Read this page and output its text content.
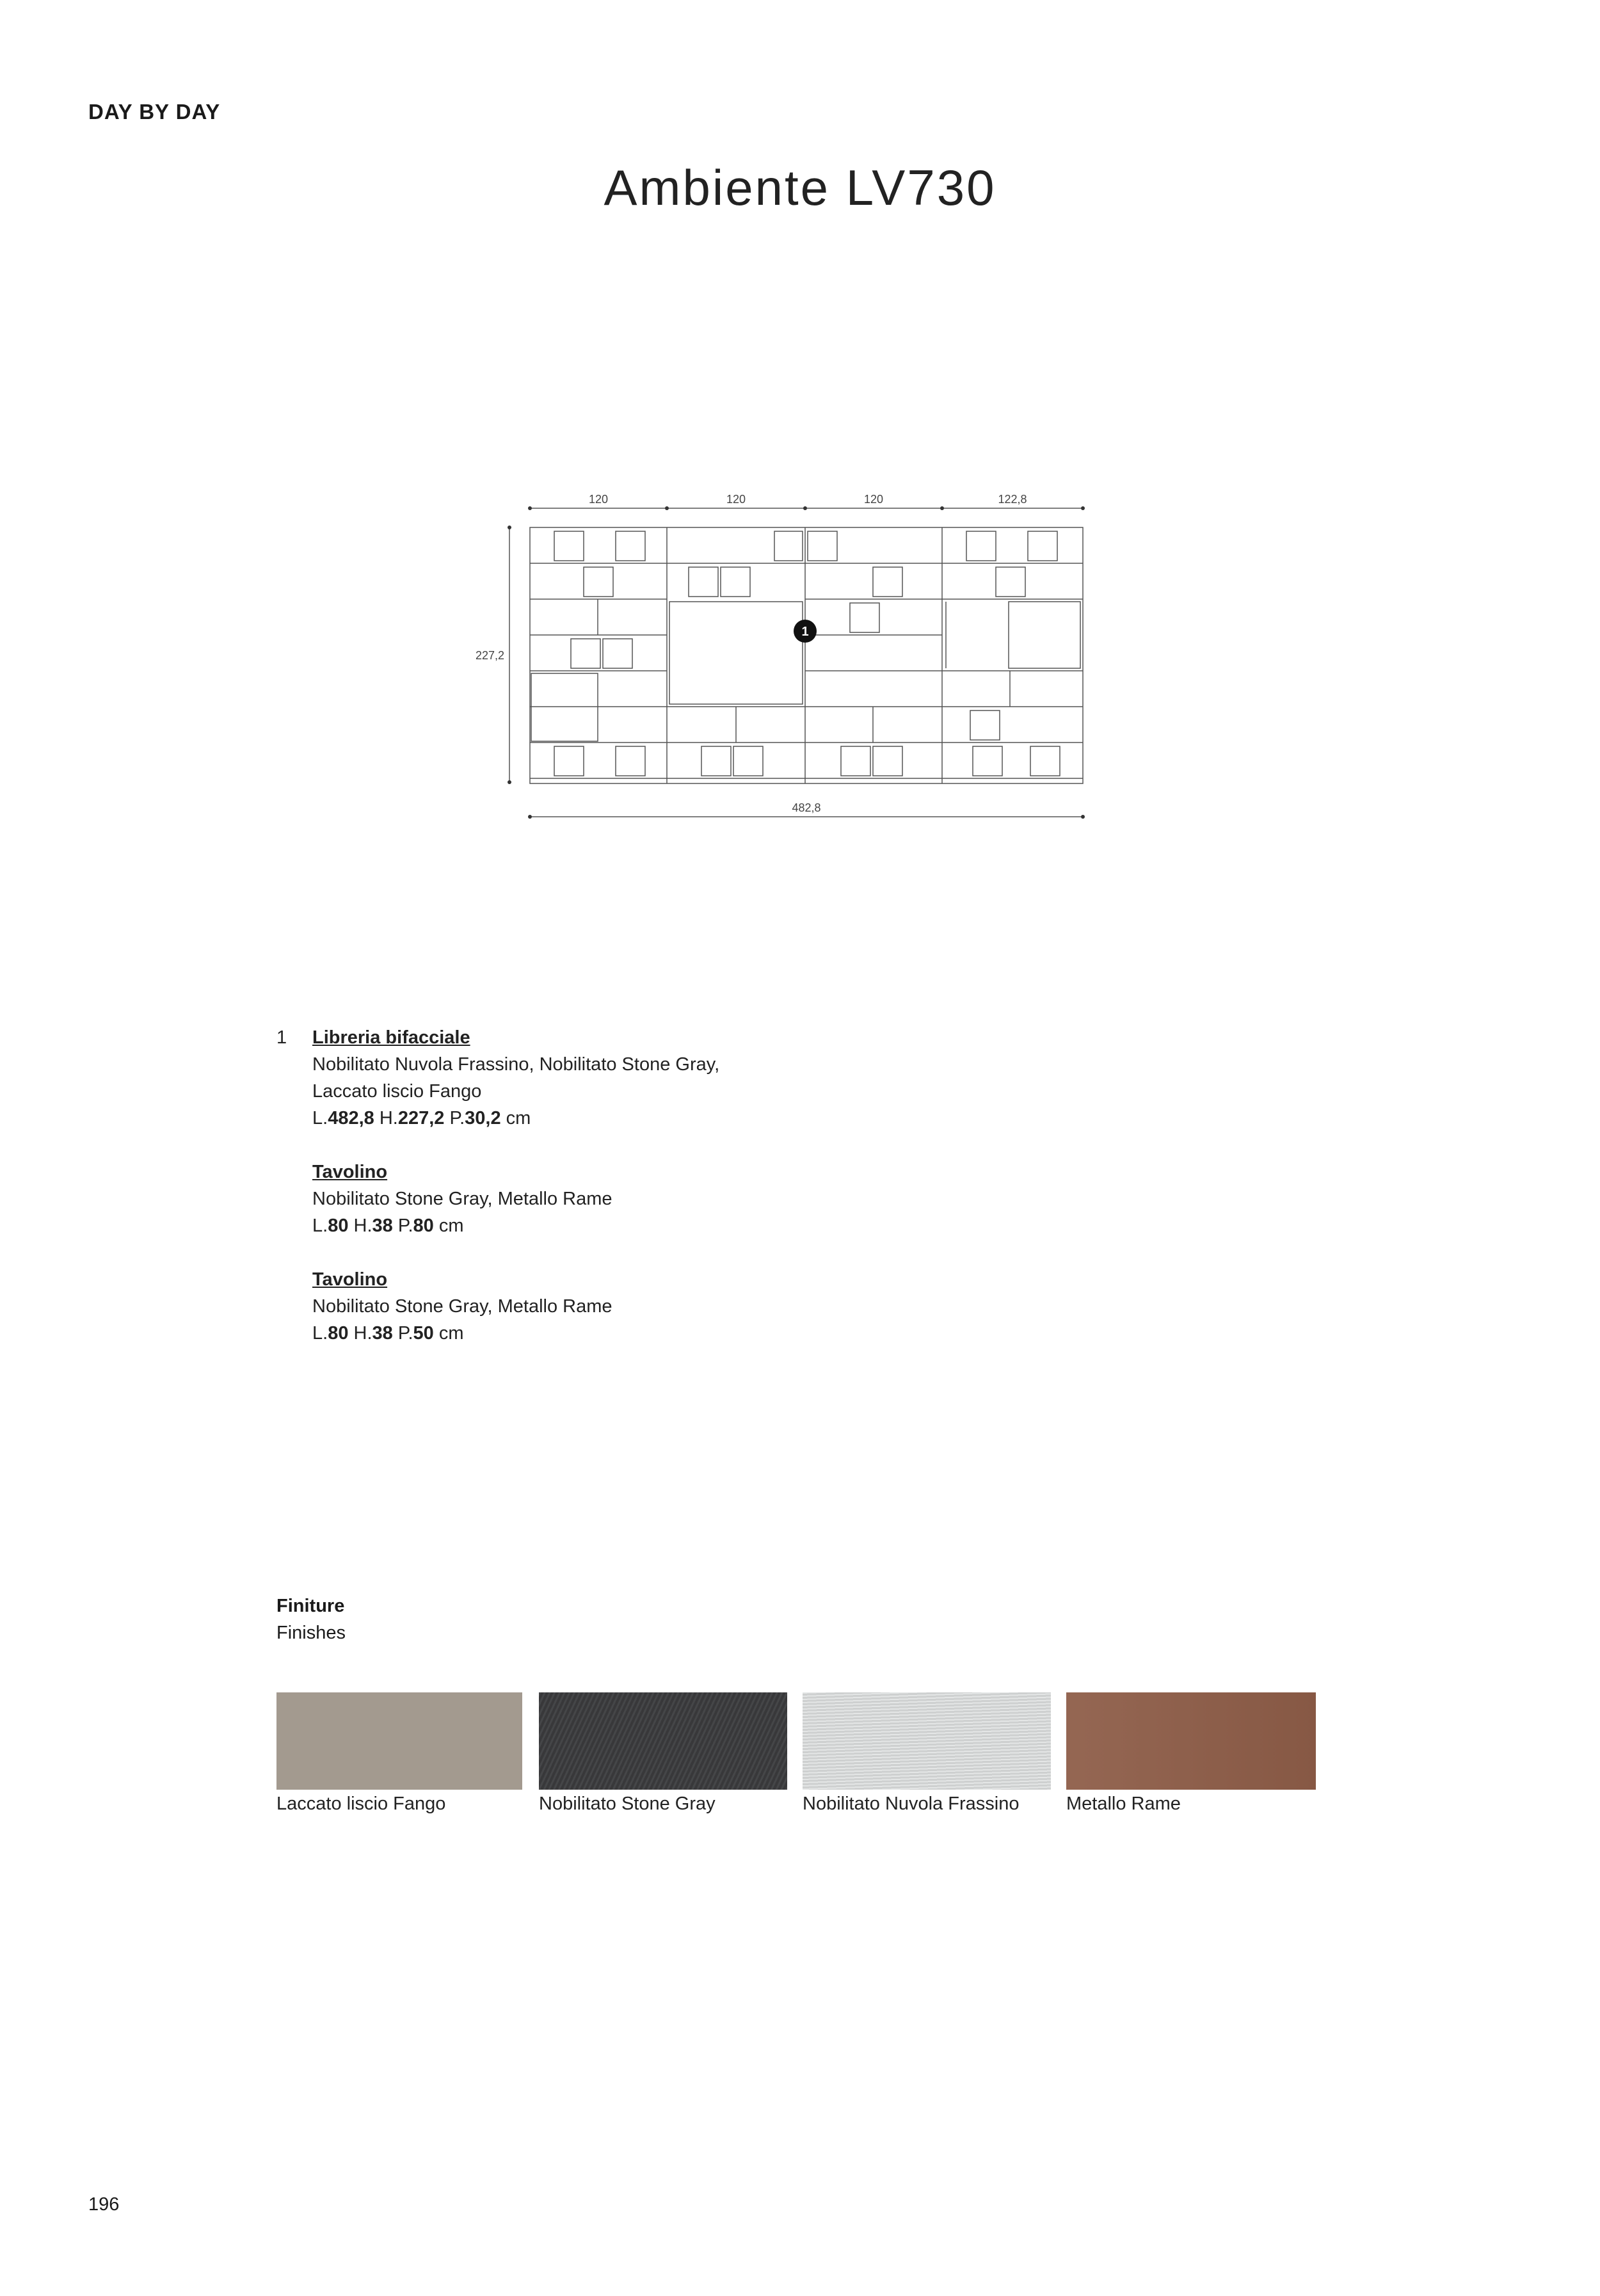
DAY BY DAY
Ambiente LV730
120	120	120	122,8
227,2
482,8
1
1 Libreria bifacciale
Nobilitato Nuvola Frassino, Nobilitato Stone Gray,
Laccato liscio Fango
L.482,8 H.227,2 P.30,2 cm
Tavolino
Nobilitato Stone Gray, Metallo Rame
L.80 H.38 P.80 cm
Tavolino
Nobilitato Stone Gray, Metallo Rame
L.80 H.38 P.50 cm
Finiture
Finishes
Laccato liscio Fango	Nobilitato Stone Gray	Nobilitato Nuvola Frassino	Metallo Rame
196
